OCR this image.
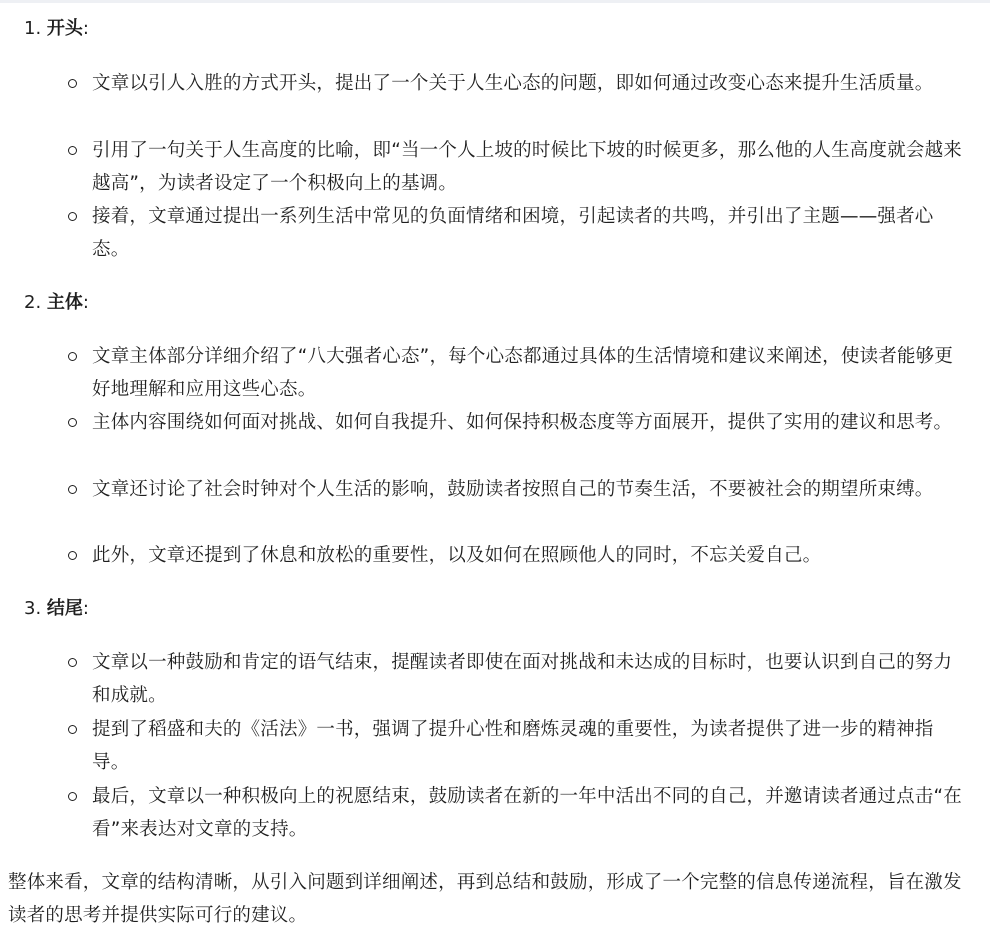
1. 开头:
文章以引人入胜的方式开头，提出了一个关于人生心态的问题，即如何通过改变心态来提升生活质量。
引用了一句关于人生高度的比喻，即“当一个人上坡的时候比下坡的时候更多，那么他的人生高度就会越来越高”，为读者设定了一个积极向上的基调。
接着，文章通过提出一系列生活中常见的负面情绪和困境，引起读者的共鸣，并引出了主题——强者心态。
2. 主体:
文章主体部分详细介绍了“八大强者心态”，每个心态都通过具体的生活情境和建议来阐述，使读者能够更好地理解和应用这些心态。
主体内容围绕如何面对挑战、如何自我提升、如何保持积极态度等方面展开，提供了实用的建议和思考。
文章还讨论了社会时钟对个人生活的影响，鼓励读者按照自己的节奏生活，不要被社会的期望所束缚。
此外，文章还提到了休息和放松的重要性，以及如何在照顾他人的同时，不忘关爱自己。
3. 结尾:
文章以一种鼓励和肯定的语气结束，提醒读者即使在面对挑战和未达成的目标时，也要认识到自己的努力和成就。
提到了稻盛和夫的《活法》一书，强调了提升心性和磨炼灵魂的重要性，为读者提供了进一步的精神指导。
最后，文章以一种积极向上的祝愿结束，鼓励读者在新的一年中活出不同的自己，并邀请读者通过点击“在看”来表达对文章的支持。
整体来看，文章的结构清晰，从引入问题到详细阐述，再到总结和鼓励，形成了一个完整的信息传递流程，旨在激发读者的思考并提供实际可行的建议。
